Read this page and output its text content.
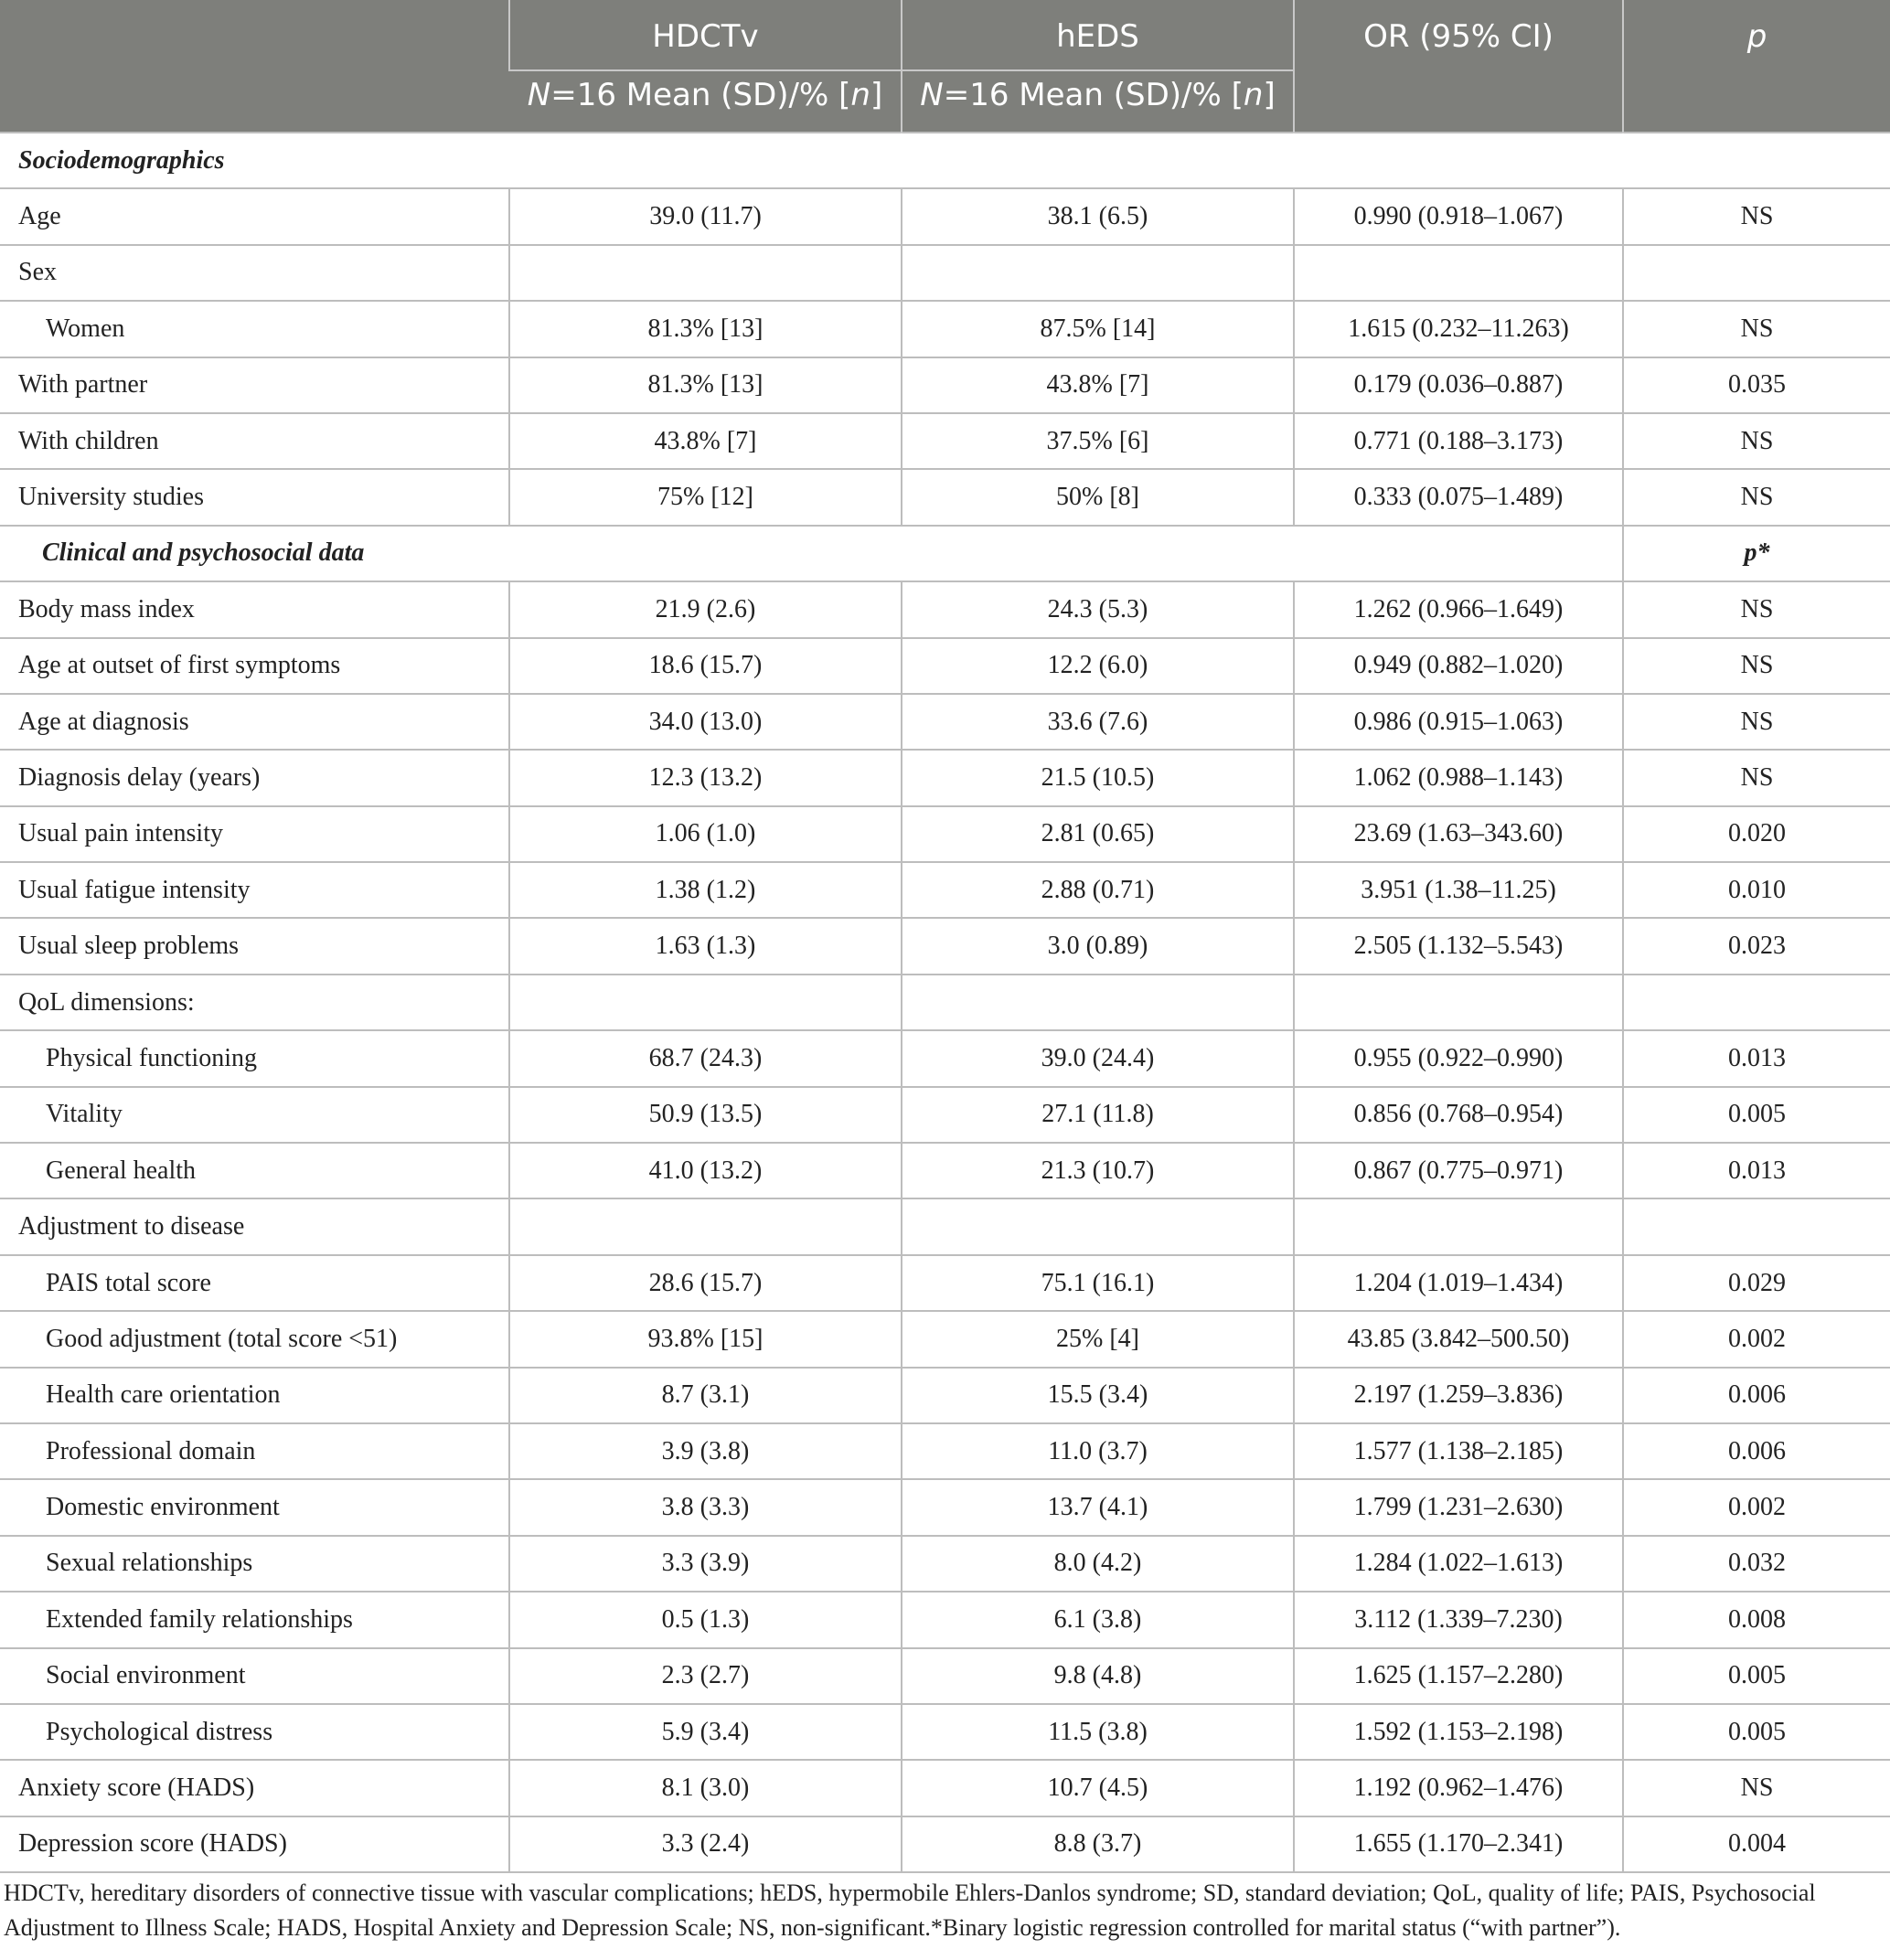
	HDCTv	hEDS	OR (95% CI)	p
	N=16 Mean (SD)/% [n]	N=16 Mean (SD)/% [n]		
Sociodemographics				
Age	39.0 (11.7)	38.1 (6.5)	0.990 (0.918–1.067)	NS
Sex				
Women	81.3% [13]	87.5% [14]	1.615 (0.232–11.263)	NS
With partner	81.3% [13]	43.8% [7]	0.179 (0.036–0.887)	0.035
With children	43.8% [7]	37.5% [6]	0.771 (0.188–3.173)	NS
University studies	75% [12]	50% [8]	0.333 (0.075–1.489)	NS
Clinical and psychosocial data				p*
Body mass index	21.9 (2.6)	24.3 (5.3)	1.262 (0.966–1.649)	NS
Age at outset of first symptoms	18.6 (15.7)	12.2 (6.0)	0.949 (0.882–1.020)	NS
Age at diagnosis	34.0 (13.0)	33.6 (7.6)	0.986 (0.915–1.063)	NS
Diagnosis delay (years)	12.3 (13.2)	21.5 (10.5)	1.062 (0.988–1.143)	NS
Usual pain intensity	1.06 (1.0)	2.81 (0.65)	23.69 (1.63–343.60)	0.020
Usual fatigue intensity	1.38 (1.2)	2.88 (0.71)	3.951 (1.38–11.25)	0.010
Usual sleep problems	1.63 (1.3)	3.0 (0.89)	2.505 (1.132–5.543)	0.023
QoL dimensions:				
Physical functioning	68.7 (24.3)	39.0 (24.4)	0.955 (0.922–0.990)	0.013
Vitality	50.9 (13.5)	27.1 (11.8)	0.856 (0.768–0.954)	0.005
General health	41.0 (13.2)	21.3 (10.7)	0.867 (0.775–0.971)	0.013
Adjustment to disease				
PAIS total score	28.6 (15.7)	75.1 (16.1)	1.204 (1.019–1.434)	0.029
Good adjustment (total score <51)	93.8% [15]	25% [4]	43.85 (3.842–500.50)	0.002
Health care orientation	8.7 (3.1)	15.5 (3.4)	2.197 (1.259–3.836)	0.006
Professional domain	3.9 (3.8)	11.0 (3.7)	1.577 (1.138–2.185)	0.006
Domestic environment	3.8 (3.3)	13.7 (4.1)	1.799 (1.231–2.630)	0.002
Sexual relationships	3.3 (3.9)	8.0 (4.2)	1.284 (1.022–1.613)	0.032
Extended family relationships	0.5 (1.3)	6.1 (3.8)	3.112 (1.339–7.230)	0.008
Social environment	2.3 (2.7)	9.8 (4.8)	1.625 (1.157–2.280)	0.005
Psychological distress	5.9 (3.4)	11.5 (3.8)	1.592 (1.153–2.198)	0.005
Anxiety score (HADS)	8.1 (3.0)	10.7 (4.5)	1.192 (0.962–1.476)	NS
Depression score (HADS)	3.3 (2.4)	8.8 (3.7)	1.655 (1.170–2.341)	0.004
HDCTv, hereditary disorders of connective tissue with vascular complications; hEDS, hypermobile Ehlers-Danlos syndrome; SD, standard deviation; QoL, quality of life; PAIS, Psychosocial
Adjustment to Illness Scale; HADS, Hospital Anxiety and Depression Scale; NS, non-significant.*Binary logistic regression controlled for marital status (“with partner”).
